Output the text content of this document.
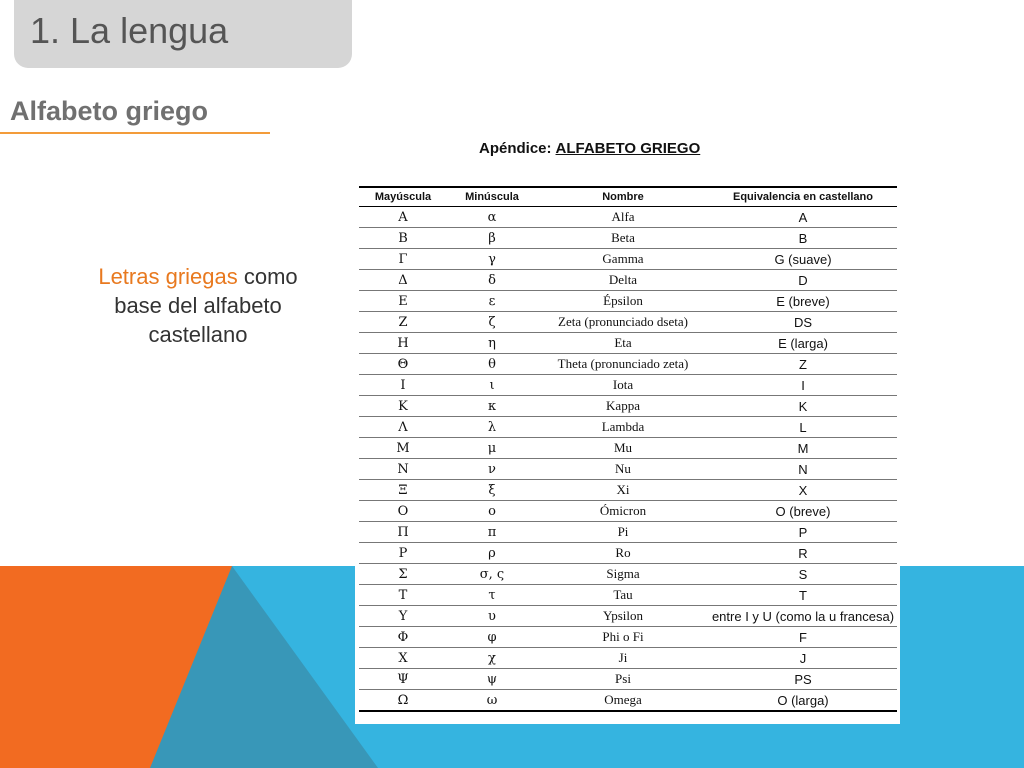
1. La lengua
Alfabeto griego
Letras griegas como base del alfabeto castellano
Apéndice: ALFABETO GRIEGO
Mayúscula	Minúscula	Nombre	Equivalencia en castellano
Α	α	Alfa	A
Β	β	Beta	B
Γ	γ	Gamma	G (suave)
Δ	δ	Delta	D
Ε	ε	Épsilon	E (breve)
Ζ	ζ	Zeta (pronunciado dseta)	DS
Η	η	Eta	E (larga)
Θ	θ	Theta (pronunciado zeta)	Z
Ι	ι	Iota	I
Κ	κ	Kappa	K
Λ	λ	Lambda	L
Μ	μ	Mu	M
Ν	ν	Nu	N
Ξ	ξ	Xi	X
Ο	ο	Ómicron	O (breve)
Π	π	Pi	P
Ρ	ρ	Ro	R
Σ	σ, ς	Sigma	S
Τ	τ	Tau	T
Υ	υ	Ypsilon	entre I y U (como la u francesa)
Φ	φ	Phi o Fi	F
Χ	χ	Ji	J
Ψ	ψ	Psi	PS
Ω	ω	Omega	O (larga)
